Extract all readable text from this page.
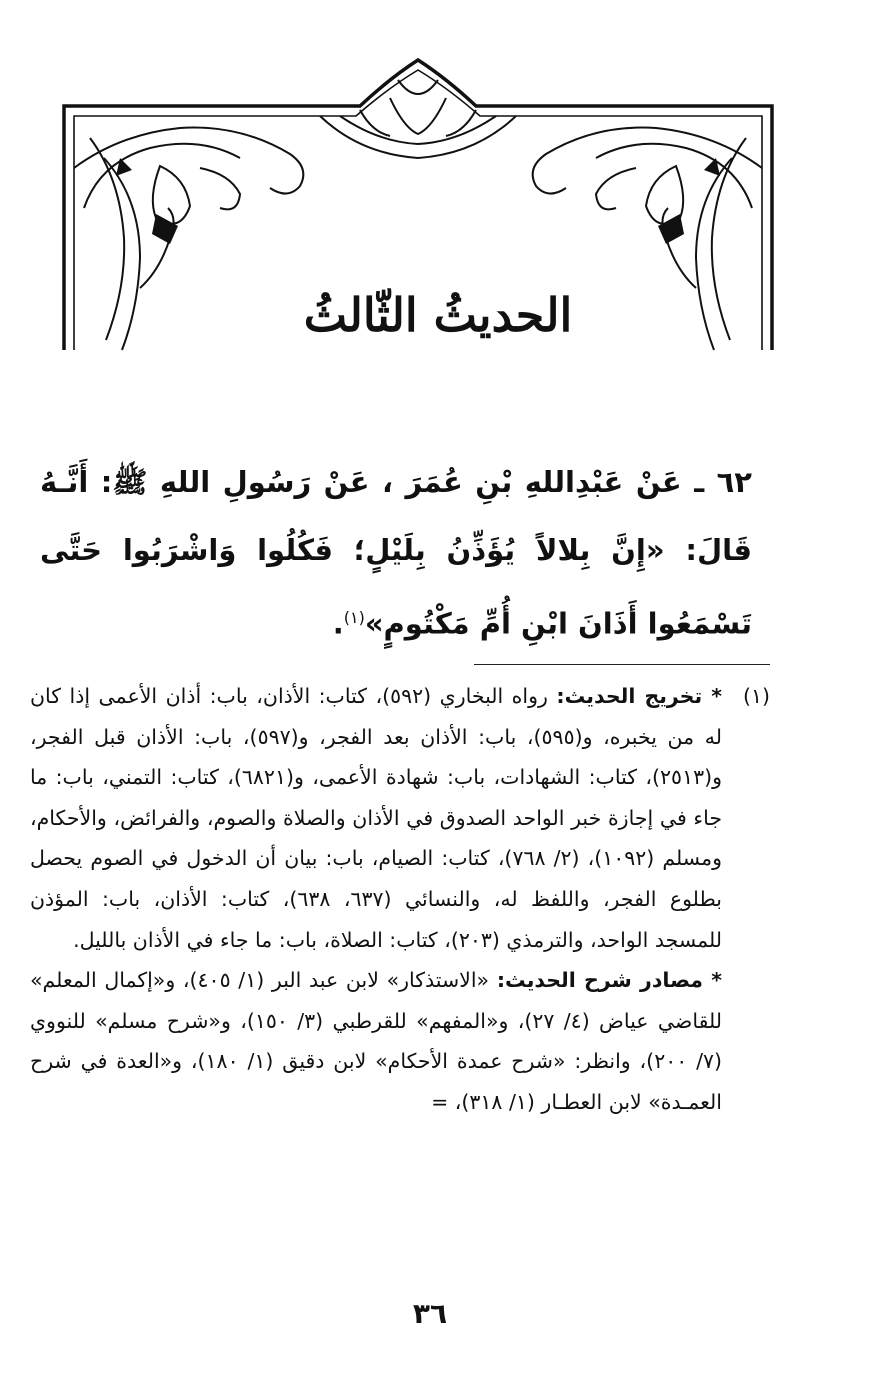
الحديثُ الثّالثُ
٦٢ ـ عَنْ عَبْدِاللهِ بْنِ عُمَرَ ، عَنْ رَسُولِ اللهِ ﷺ: أَنَّـهُ قَالَ: «إِنَّ بِلالاً يُؤَذِّنُ بِلَيْلٍ؛ فَكُلُوا وَاشْرَبُوا حَتَّى تَسْمَعُوا أَذَانَ ابْنِ أُمِّ مَكْتُومٍ»$^{(١)}$.
(١)
* تخريج الحديث: رواه البخاري (٥٩٢)، كتاب: الأذان، باب: أذان الأعمى إذا كان له من يخبره، و(٥٩٥)، باب: الأذان بعد الفجر، و(٥٩٧)، باب: الأذان قبل الفجر، و(٢٥١٣)، كتاب: الشهادات، باب: شهادة الأعمى، و(٦٨٢١)، كتاب: التمني، باب: ما جاء في إجازة خبر الواحد الصدوق في الأذان والصلاة والصوم، والفرائض، والأحكام، ومسلم (١٠٩٢)، (٢/ ٧٦٨)، كتاب: الصيام، باب: بيان أن الدخول في الصوم يحصل بطلوع الفجر، واللفظ له، والنسائي (٦٣٧، ٦٣٨)، كتاب: الأذان، باب: المؤذن للمسجد الواحد، والترمذي (٢٠٣)، كتاب: الصلاة، باب: ما جاء في الأذان بالليل.

* مصادر شرح الحديث: «الاستذكار» لابن عبد البر (١/ ٤٠٥)، و«إكمال المعلم» للقاضي عياض (٤/ ٢٧)، و«المفهم» للقرطبي (٣/ ١٥٠)، و«شرح مسلم» للنووي (٧/ ٢٠٠)، وانظر: «شرح عمدة الأحكام» لابن دقيق (١/ ١٨٠)، و«العدة في شرح العمـدة» لابن العطـار (١/ ٣١٨)، =

٣٦
